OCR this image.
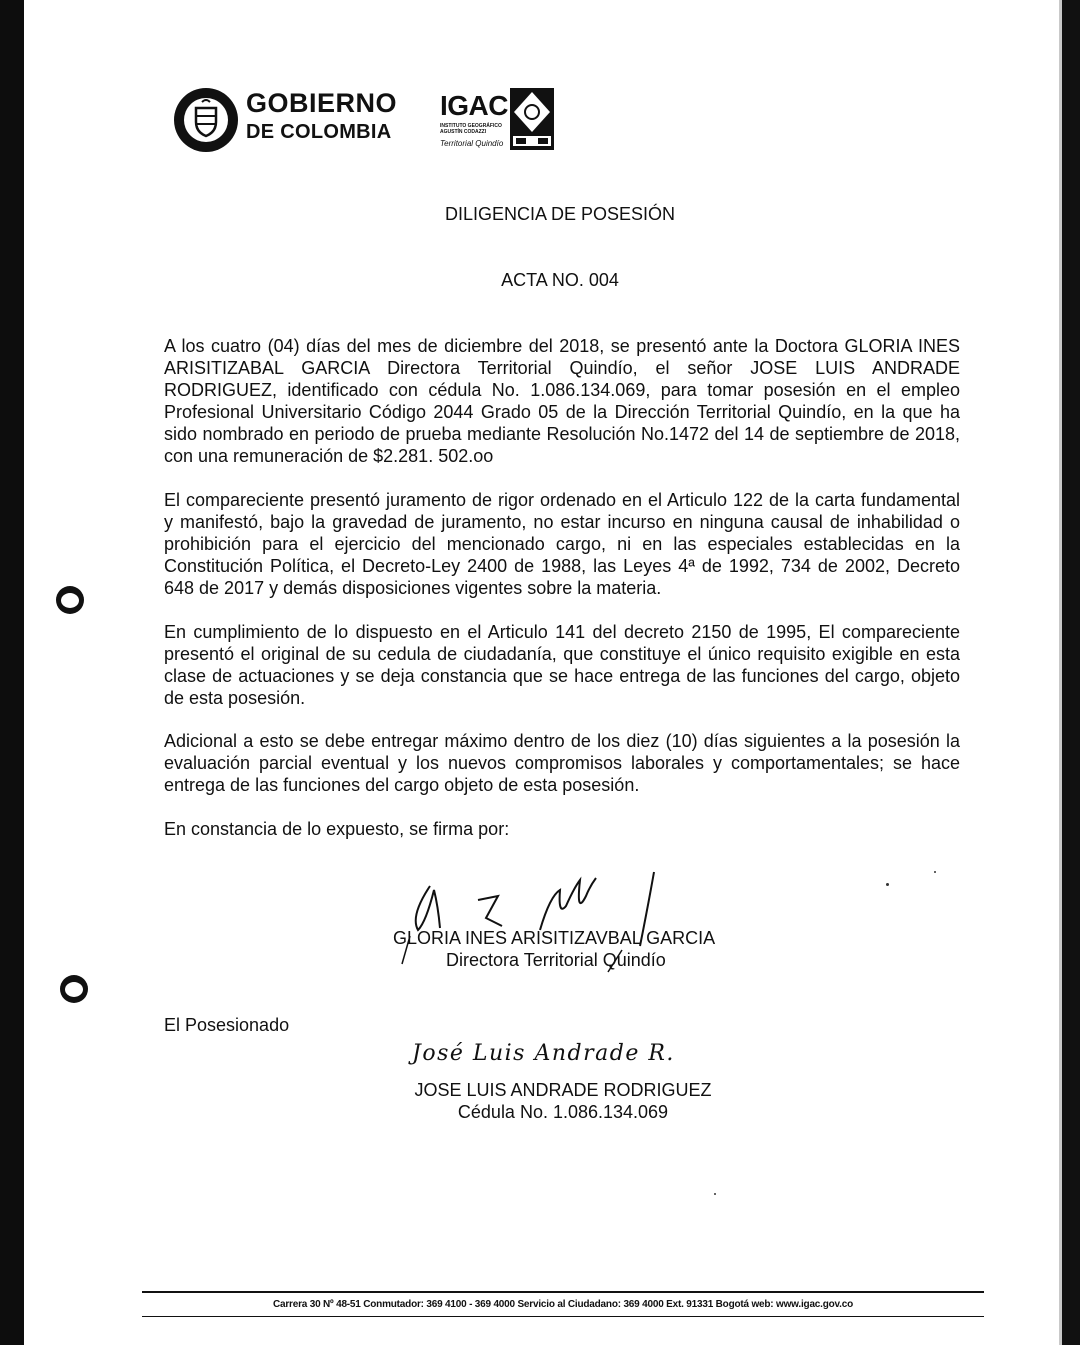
GOBIERNO
DE COLOMBIA
IGAC
INSTITUTO GEOGRÁFICO AGUSTÍN CODAZZI
Territorial Quindío
DILIGENCIA DE POSESIÓN
ACTA NO. 004

A los cuatro (04) días del mes de diciembre del 2018, se presentó ante la Doctora GLORIA INES ARISITIZABAL GARCIA Directora Territorial Quindío, el señor JOSE LUIS ANDRADE RODRIGUEZ, identificado con cédula No. 1.086.134.069, para tomar posesión en el empleo Profesional Universitario Código 2044 Grado 05 de la Dirección Territorial Quindío, en la que ha sido nombrado en periodo de prueba mediante Resolución No.1472 del 14 de septiembre de 2018, con una remuneración de $2.281. 502.oo

El compareciente presentó juramento de rigor ordenado en el Articulo 122 de la carta fundamental y manifestó, bajo la gravedad de juramento, no estar incurso en ninguna causal de inhabilidad o prohibición para el ejercicio del mencionado cargo, ni en las especiales establecidas en la Constitución Política, el Decreto-Ley 2400 de 1988, las Leyes 4ª de 1992, 734 de 2002, Decreto 648 de 2017 y demás disposiciones vigentes sobre la materia.

En cumplimiento de lo dispuesto en el Articulo 141 del decreto 2150 de 1995, El compareciente presentó el original de su cedula de ciudadanía, que constituye el único requisito exigible en esta clase de actuaciones y se deja constancia que se hace entrega de las funciones del cargo, objeto de esta posesión.

Adicional a esto se debe entregar máximo dentro de los diez (10) días siguientes a la posesión la evaluación parcial eventual y los nuevos compromisos laborales y comportamentales; se hace entrega de las funciones del cargo objeto de esta posesión.

En constancia de lo expuesto, se firma por:
GLORIA INES ARISITIZAVBAL GARCIA
Directora Territorial Quindío
El Posesionado
José Luis Andrade R.
JOSE LUIS ANDRADE RODRIGUEZ
Cédula No. 1.086.134.069
Carrera 30 Nº 48-51 Conmutador: 369 4100 - 369 4000 Servicio al Ciudadano: 369 4000 Ext. 91331 Bogotá web: www.igac.gov.co
